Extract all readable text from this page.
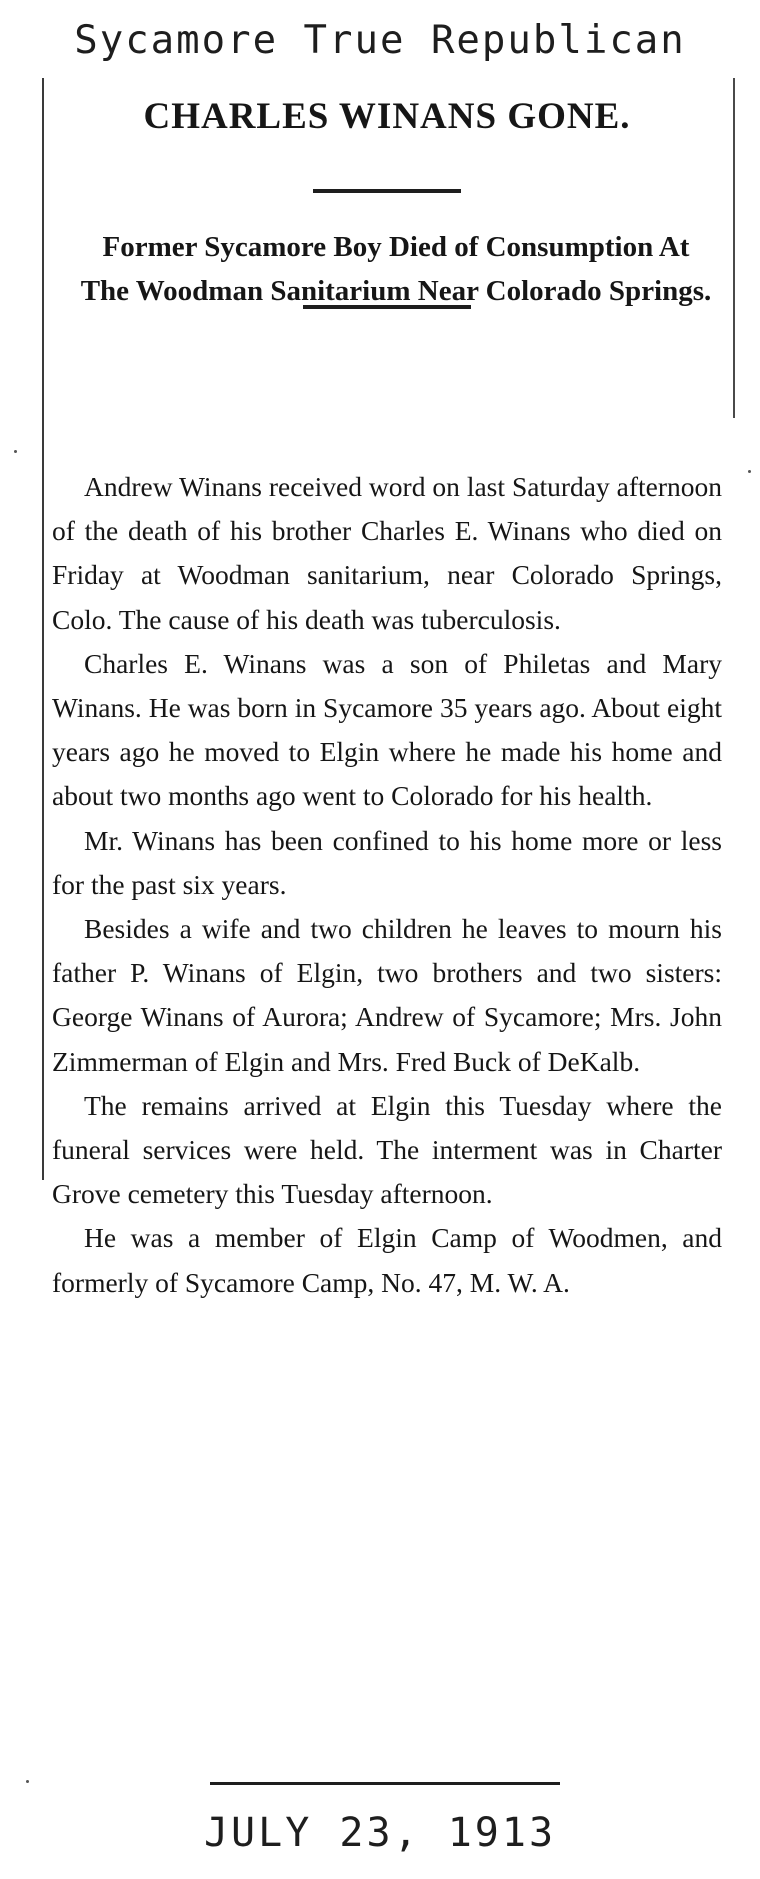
Sycamore True Republican
CHARLES WINANS GONE.
Former Sycamore Boy Died of Consumption At The Woodman Sanitarium Near Colorado Springs.

Andrew Winans received word on last Saturday afternoon of the death of his brother Charles E. Winans who died on Friday at Woodman sanitarium, near Colorado Springs, Colo. The cause of his death was tuberculosis.

Charles E. Winans was a son of Philetas and Mary Winans. He was born in Sycamore 35 years ago. About eight years ago he moved to Elgin where he made his home and about two months ago went to Colorado for his health.

Mr. Winans has been confined to his home more or less for the past six years.

Besides a wife and two children he leaves to mourn his father P. Winans of Elgin, two brothers and two sisters: George Winans of Aurora; Andrew of Sycamore; Mrs. John Zimmerman of Elgin and Mrs. Fred Buck of DeKalb.

The remains arrived at Elgin this Tuesday where the funeral services were held. The interment was in Charter Grove cemetery this Tuesday afternoon.

He was a member of Elgin Camp of Woodmen, and formerly of Sycamore Camp, No. 47, M. W. A.

JULY 23, 1913
